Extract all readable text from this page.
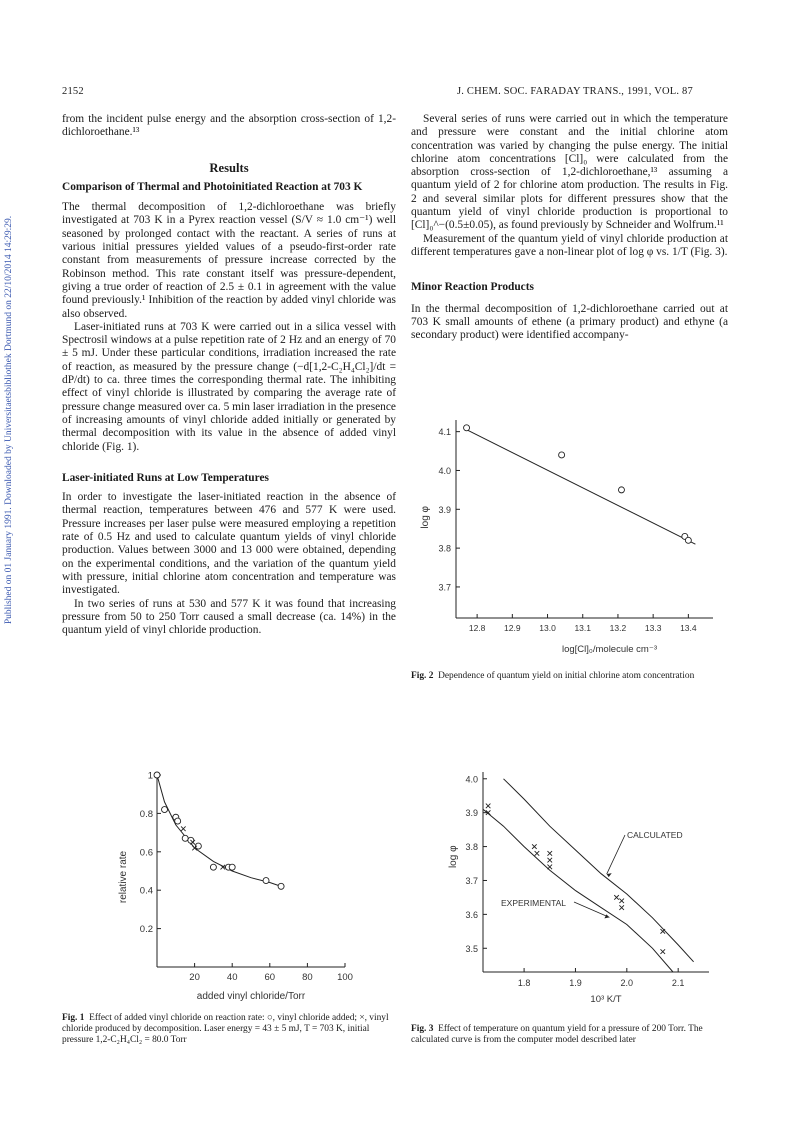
Published on 01 January 1991. Downloaded by Universitaetsbibliothek Dortmund on 22/10/2014 14:29:29.
2152	J. CHEM. SOC. FARADAY TRANS., 1991, VOL. 87

from the incident pulse energy and the absorption cross-section of 1,2-dichloroethane.¹³

Results
Comparison of Thermal and Photoinitiated Reaction at 703 K

The thermal decomposition of 1,2-dichloroethane was briefly investigated at 703 K in a Pyrex reaction vessel (S/V ≈ 1.0 cm⁻¹) well seasoned by prolonged contact with the reactant. A series of runs at various initial pressures yielded values of a pseudo-first-order rate constant from measurements of pressure increase corrected by the Robinson method. This rate constant itself was pressure-dependent, giving a true order of reaction of 2.5 ± 0.1 in agreement with the value found previously.¹ Inhibition of the reaction by added vinyl chloride was also observed.

Laser-initiated runs at 703 K were carried out in a silica vessel with Spectrosil windows at a pulse repetition rate of 2 Hz and an energy of 70 ± 5 mJ. Under these particular conditions, irradiation increased the rate of reaction, as measured by the pressure change (−d[1,2-C₂H₄Cl₂]/dt = dP/dt) to ca. three times the corresponding thermal rate. The inhibiting effect of vinyl chloride is illustrated by comparing the average rate of pressure change measured over ca. 5 min laser irradiation in the presence of increasing amounts of vinyl chloride added initially or generated by thermal decomposition with its value in the absence of added vinyl chloride (Fig. 1).

Laser-initiated Runs at Low Temperatures

In order to investigate the laser-initiated reaction in the absence of thermal reaction, temperatures between 476 and 577 K were used. Pressure increases per laser pulse were measured employing a repetition rate of 0.5 Hz and used to calculate quantum yields of vinyl chloride production. Values between 3000 and 13 000 were obtained, depending on the experimental conditions, and the variation of the quantum yield with pressure, initial chlorine atom concentration and temperature was investigated.

In two series of runs at 530 and 577 K it was found that increasing pressure from 50 to 250 Torr caused a small decrease (ca. 14%) in the quantum yield of vinyl chloride production.

Several series of runs were carried out in which the temperature and pressure were constant and the initial chlorine atom concentration was varied by changing the pulse energy. The initial chlorine atom concentrations [Cl]₀ were calculated from the absorption cross-section of 1,2-dichloroethane,¹³ assuming a quantum yield of 2 for chlorine atom production. The results in Fig. 2 and several similar plots for different pressures show that the quantum yield of vinyl chloride production is proportional to [Cl]₀^−(0.5±0.05), as found previously by Schneider and Wolfrum.¹¹

Measurement of the quantum yield of vinyl chloride production at different temperatures gave a non-linear plot of log φ vs. 1/T (Fig. 3).

Minor Reaction Products

In the thermal decomposition of 1,2-dichloroethane carried out at 703 K small amounts of ethene (a primary product) and ethyne (a secondary product) were identified accompany-

0.2
0.4
0.6
0.8
1
20	40	60	80	100
added vinyl chloride/Torr
relative rate
Fig. 1 Effect of added vinyl chloride on reaction rate: ○, vinyl chloride added; ×, vinyl chloride produced by decomposition. Laser energy = 43 ± 5 mJ, T = 703 K, initial pressure 1,2-C₂H₄Cl₂ = 80.0 Torr
3.7
3.8
3.9
4.0
4.1
12.8 12.9 13.0 13.1 13.2 13.3 13.4
log[Cl]₀/molecule cm⁻³
log φ
Fig. 2 Dependence of quantum yield on initial chlorine atom concentration
3.5
3.6
3.7
3.8
3.9
4.0
1.8	1.9	2.0	2.1
CALCULATED
EXPERIMENTAL
10³ K/T
log φ
Fig. 3 Effect of temperature on quantum yield for a pressure of 200 Torr. The calculated curve is from the computer model described later
